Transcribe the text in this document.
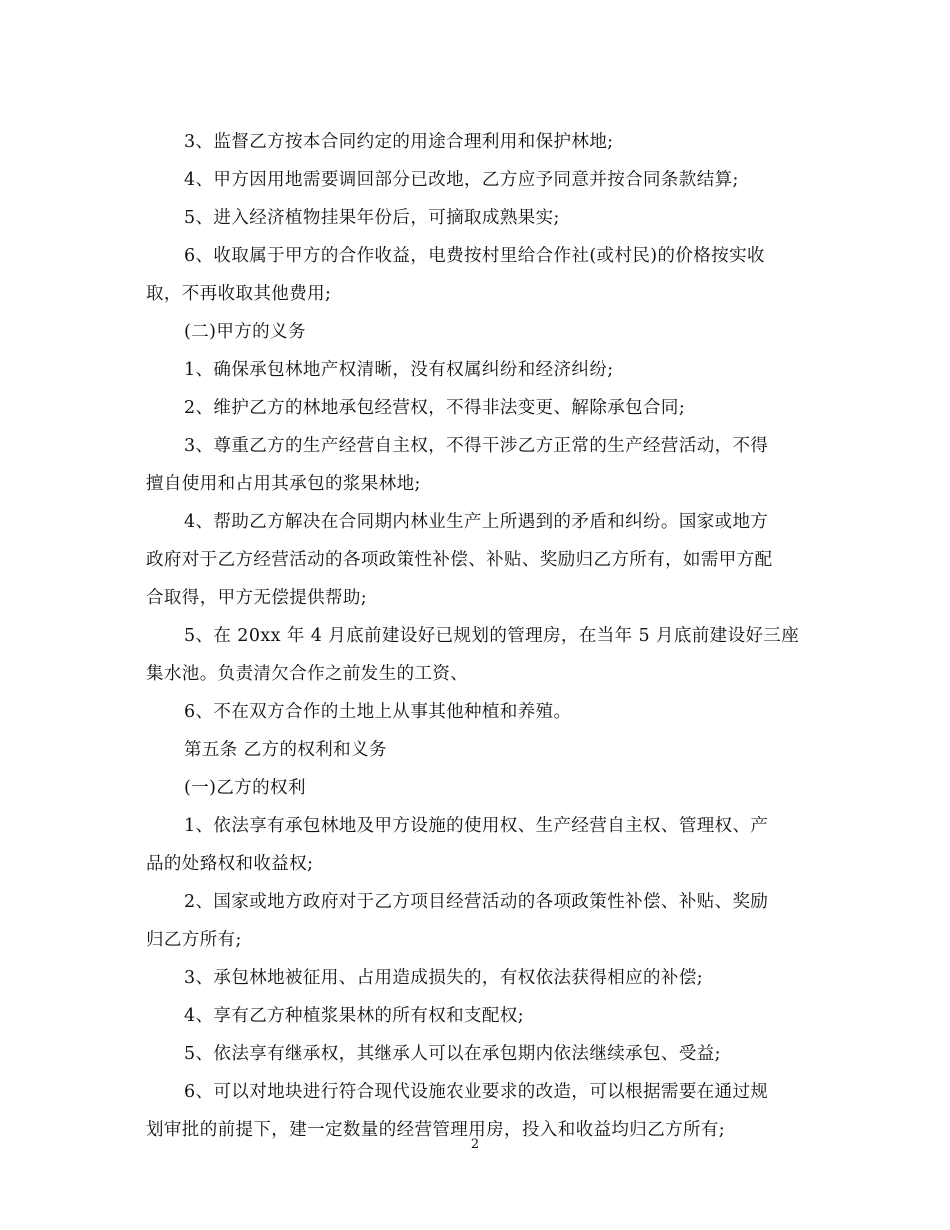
3、监督乙方按本合同约定的用途合理利用和保护林地;
4、甲方因用地需要调回部分已改地，乙方应予同意并按合同条款结算;
5、进入经济植物挂果年份后，可摘取成熟果实;
6、收取属于甲方的合作收益，电费按村里给合作社(或村民)的价格按实收
取，不再收取其他费用;
(二)甲方的义务
1、确保承包林地产权清晰，没有权属纠纷和经济纠纷;
2、维护乙方的林地承包经营权，不得非法变更、解除承包合同;
3、尊重乙方的生产经营自主权，不得干涉乙方正常的生产经营活动，不得
擅自使用和占用其承包的浆果林地;
4、帮助乙方解决在合同期内林业生产上所遇到的矛盾和纠纷。国家或地方
政府对于乙方经营活动的各项政策性补偿、补贴、奖励归乙方所有，如需甲方配
合取得，甲方无偿提供帮助;
5、在 20xx 年 4 月底前建设好已规划的管理房，在当年 5 月底前建设好三座
集水池。负责清欠合作之前发生的工资、
6、不在双方合作的土地上从事其他种植和养殖。
第五条 乙方的权利和义务
(一)乙方的权利
1、依法享有承包林地及甲方设施的使用权、生产经营自主权、管理权、产
品的处臵权和收益权;
2、国家或地方政府对于乙方项目经营活动的各项政策性补偿、补贴、奖励
归乙方所有;
3、承包林地被征用、占用造成损失的，有权依法获得相应的补偿;
4、享有乙方种植浆果林的所有权和支配权;
5、依法享有继承权，其继承人可以在承包期内依法继续承包、受益;
6、可以对地块进行符合现代设施农业要求的改造，可以根据需要在通过规
划审批的前提下，建一定数量的经营管理用房，投入和收益均归乙方所有;
2
